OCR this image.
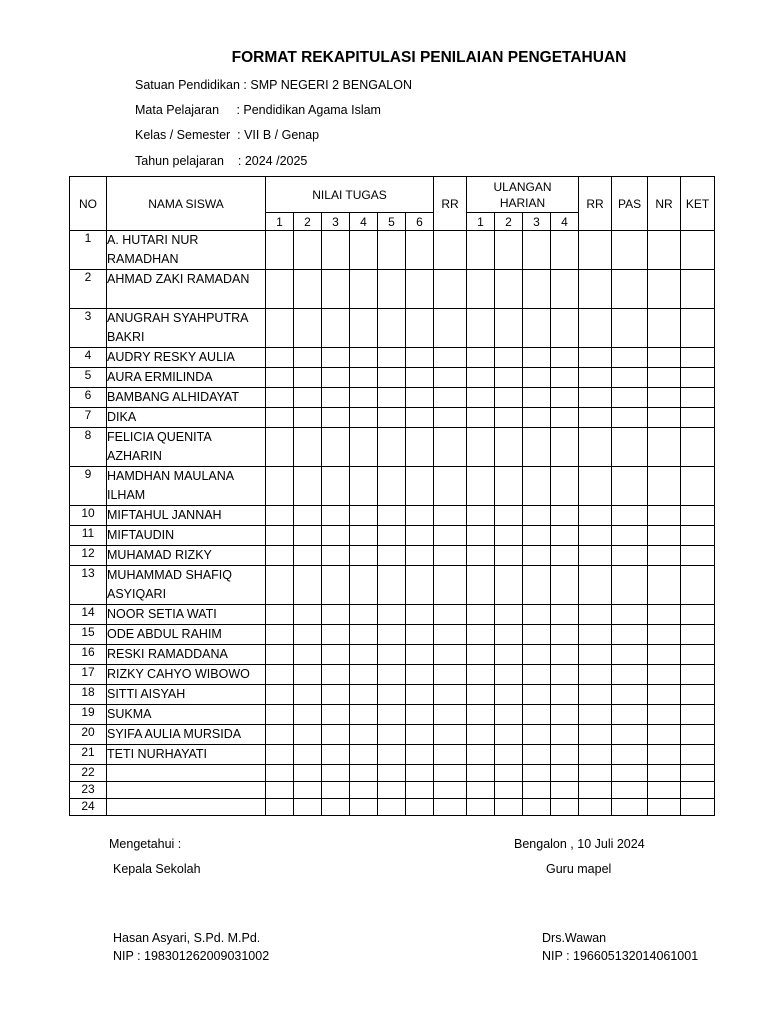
FORMAT REKAPITULASI PENILAIAN PENGETAHUAN
Satuan Pendidikan : SMP NEGERI 2 BENGALON
Mata Pelajaran     : Pendidikan Agama Islam
Kelas / Semester  : VII B / Genap
Tahun pelajaran    : 2024 /2025
NO	NAMA SISWA	NILAI TUGAS						RR	ULANGAN
HARIAN				RR	PAS	NR	KET
		1	2	3	4	5	6		1	2	3	4				
1	A. HUTARI NUR RAMADHAN															
2	AHMAD ZAKI RAMADAN															
3	ANUGRAH SYAHPUTRA BAKRI															
4	AUDRY RESKY AULIA															
5	AURA ERMILINDA															
6	BAMBANG ALHIDAYAT															
7	DIKA															
8	FELICIA QUENITA AZHARIN															
9	HAMDHAN MAULANA ILHAM															
10	MIFTAHUL JANNAH															
11	MIFTAUDIN															
12	MUHAMAD RIZKY															
13	MUHAMMAD SHAFIQ ASYIQARI															
14	NOOR SETIA WATI															
15	ODE ABDUL RAHIM															
16	RESKI RAMADDANA															
17	RIZKY CAHYO WIBOWO															
18	SITTI AISYAH															
19	SUKMA															
20	SYIFA AULIA MURSIDA															
21	TETI NURHAYATI															
22																
23																
24																
Mengetahui :
Kepala Sekolah
Hasan Asyari, S.Pd. M.Pd.
NIP : 198301262009031002
Bengalon , 10 Juli 2024
Guru mapel
Drs.Wawan
NIP : 196605132014061001
